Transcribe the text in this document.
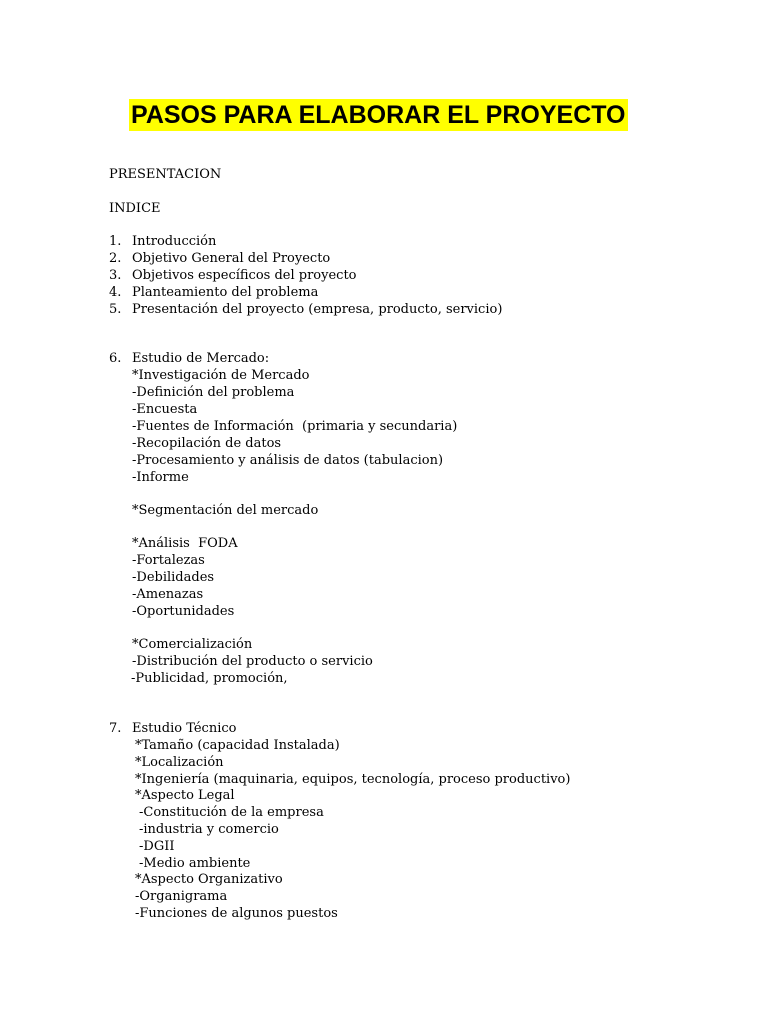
PASOS PARA ELABORAR EL PROYECTO
PRESENTACION
INDICE
1. Introducción
2. Objetivo General del Proyecto
3. Objetivos específicos del proyecto
4. Planteamiento del problema
5. Presentación del proyecto (empresa, producto, servicio)
6. Estudio de Mercado:
*Investigación de Mercado
-Definición del problema
-Encuesta
-Fuentes de Información  (primaria y secundaria)
-Recopilación de datos
-Procesamiento y análisis de datos (tabulacion)
-Informe
*Segmentación del mercado
*Análisis  FODA
-Fortalezas
-Debilidades
-Amenazas
-Oportunidades
*Comercialización
-Distribución del producto o servicio
-Publicidad, promoción,
7. Estudio Técnico
*Tamaño (capacidad Instalada)
*Localización
*Ingeniería (maquinaria, equipos, tecnología, proceso productivo)
*Aspecto Legal
-Constitución de la empresa
-industria y comercio
-DGII
-Medio ambiente
*Aspecto Organizativo
-Organigrama
-Funciones de algunos puestos
